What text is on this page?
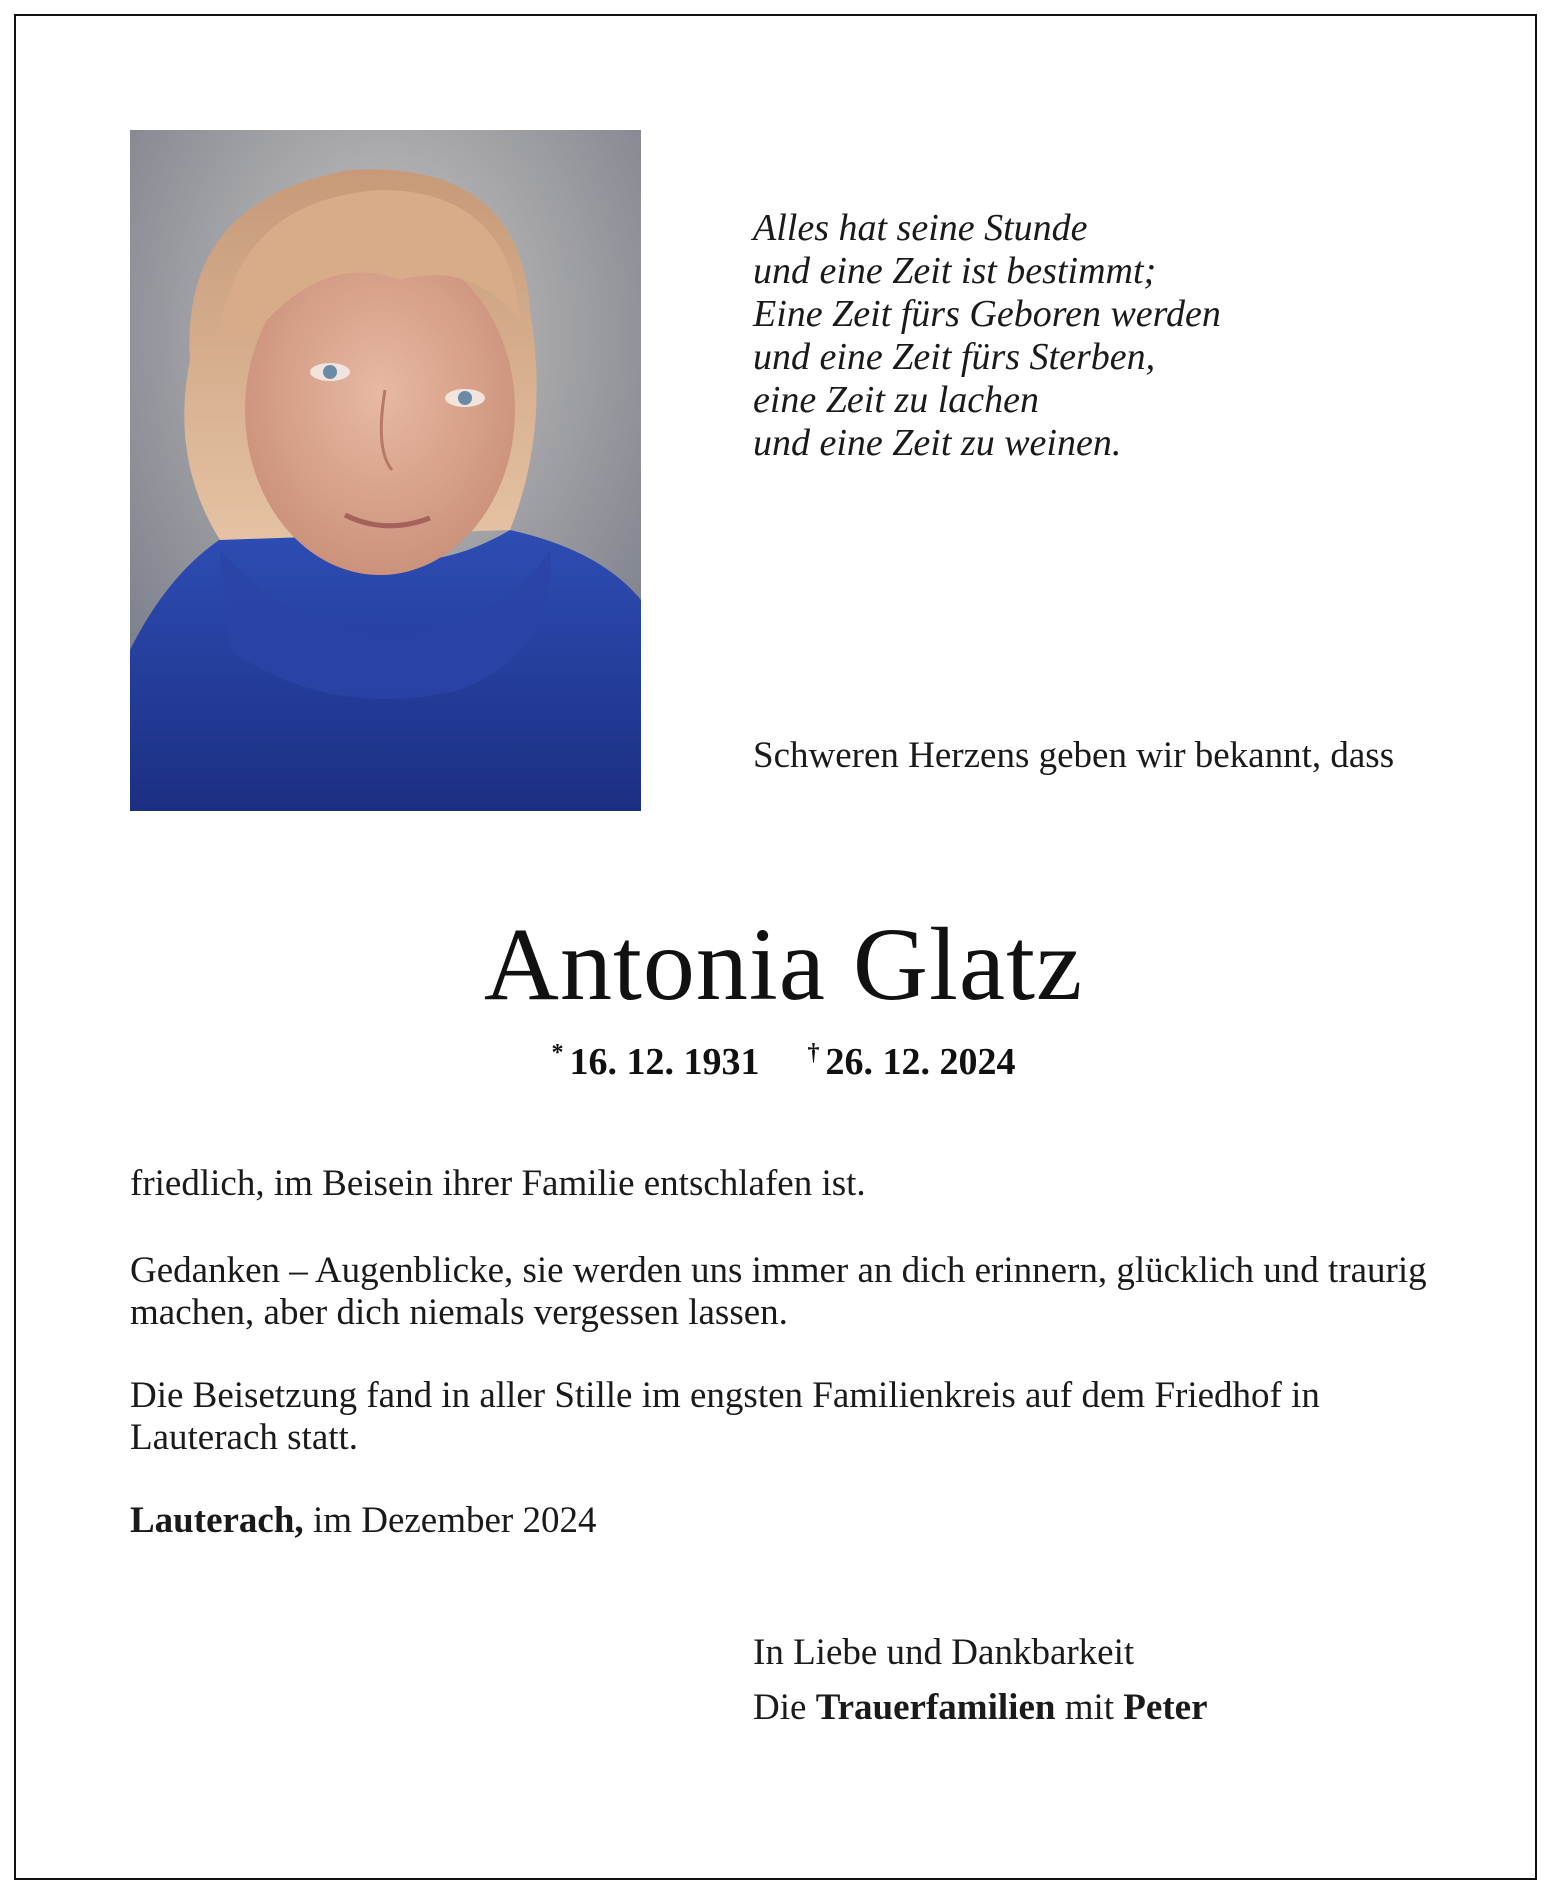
Alles hat seine Stunde
und eine Zeit ist bestimmt;
Eine Zeit fürs Geboren werden
und eine Zeit fürs Sterben,
eine Zeit zu lachen
und eine Zeit zu weinen.
Schweren Herzens geben wir bekannt, dass
Antonia Glatz
* 16. 12. 1931 † 26. 12. 2024

friedlich, im Beisein ihrer Familie entschlafen ist.

Gedanken – Augenblicke, sie werden uns immer an dich erinnern, glücklich und traurig machen, aber dich niemals vergessen lassen.

Die Beisetzung fand in aller Stille im engsten Familienkreis auf dem Friedhof in Lauterach statt.

Lauterach, im Dezember 2024

In Liebe und Dankbarkeit
Die Trauerfamilien mit Peter
